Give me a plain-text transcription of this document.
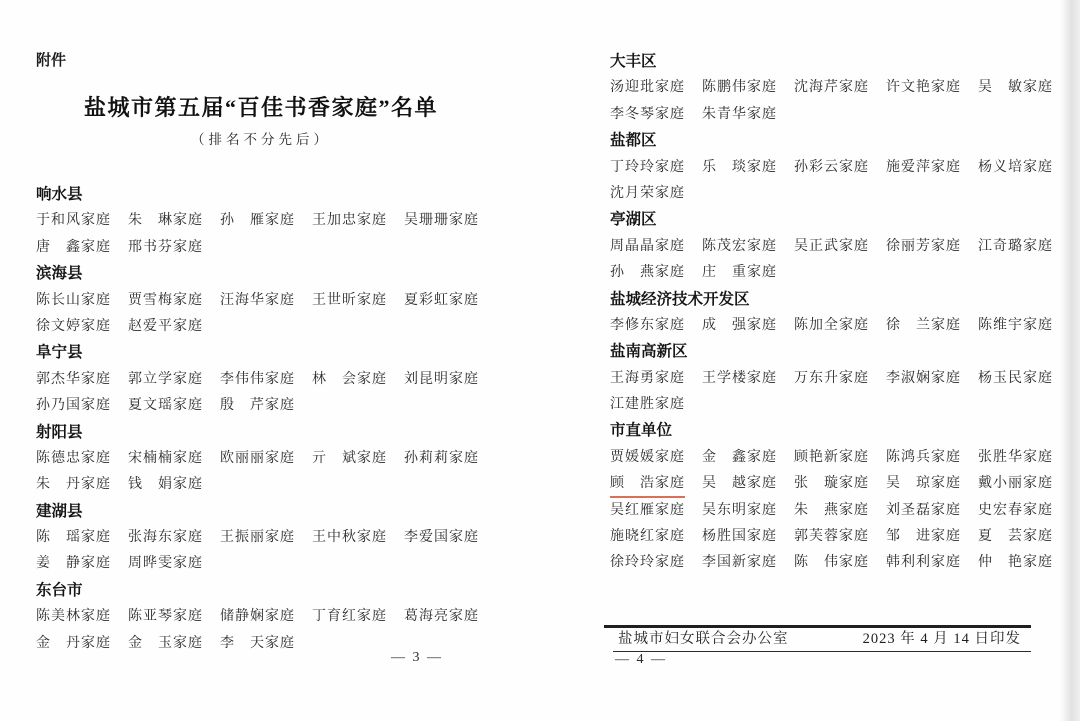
附件
盐城市第五届“百佳书香家庭”名单
（排名不分先后）
响水县
于和风家庭 朱　琳家庭 孙　雁家庭 王加忠家庭 吴珊珊家庭
唐　鑫家庭 邢书芬家庭
滨海县
陈长山家庭 贾雪梅家庭 汪海华家庭 王世昕家庭 夏彩虹家庭
徐文婷家庭 赵爱平家庭
阜宁县
郭杰华家庭 郭立学家庭 李伟伟家庭 林　会家庭 刘昆明家庭
孙乃国家庭 夏文瑶家庭 殷　芹家庭
射阳县
陈德忠家庭 宋楠楠家庭 欧丽丽家庭 亓　斌家庭 孙莉莉家庭
朱　丹家庭 钱　娟家庭
建湖县
陈　瑶家庭 张海东家庭 王振丽家庭 王中秋家庭 李爱国家庭
姜　静家庭 周晔雯家庭
东台市
陈美林家庭 陈亚琴家庭 储静娴家庭 丁育红家庭 葛海亮家庭
金　丹家庭 金　玉家庭 李　天家庭
大丰区
汤迎玭家庭 陈鹏伟家庭 沈海芹家庭 许文艳家庭 吴　敏家庭
李冬琴家庭 朱青华家庭
盐都区
丁玲玲家庭 乐　琰家庭 孙彩云家庭 施爱萍家庭 杨义培家庭
沈月荣家庭
亭湖区
周晶晶家庭 陈茂宏家庭 吴正武家庭 徐丽芳家庭 江奇璐家庭
孙　燕家庭 庄　重家庭
盐城经济技术开发区
李修东家庭 成　强家庭 陈加全家庭 徐　兰家庭 陈维宇家庭
盐南高新区
王海勇家庭 王学楼家庭 万东升家庭 李淑娴家庭 杨玉民家庭
江建胜家庭
市直单位
贾媛媛家庭 金　鑫家庭 顾艳新家庭 陈鸿兵家庭 张胜华家庭
顾　浩家庭 吴　越家庭 张　璇家庭 吴　琼家庭 戴小丽家庭
吴红雁家庭 吴东明家庭 朱　燕家庭 刘圣磊家庭 史宏春家庭
施晓红家庭 杨胜国家庭 郭芙蓉家庭 邹　进家庭 夏　芸家庭
徐玲玲家庭 李国新家庭 陈　伟家庭 韩利利家庭 仲　艳家庭
盐城市妇女联合会办公室	2023 年 4 月 14 日印发
— 3 —	— 4 —
